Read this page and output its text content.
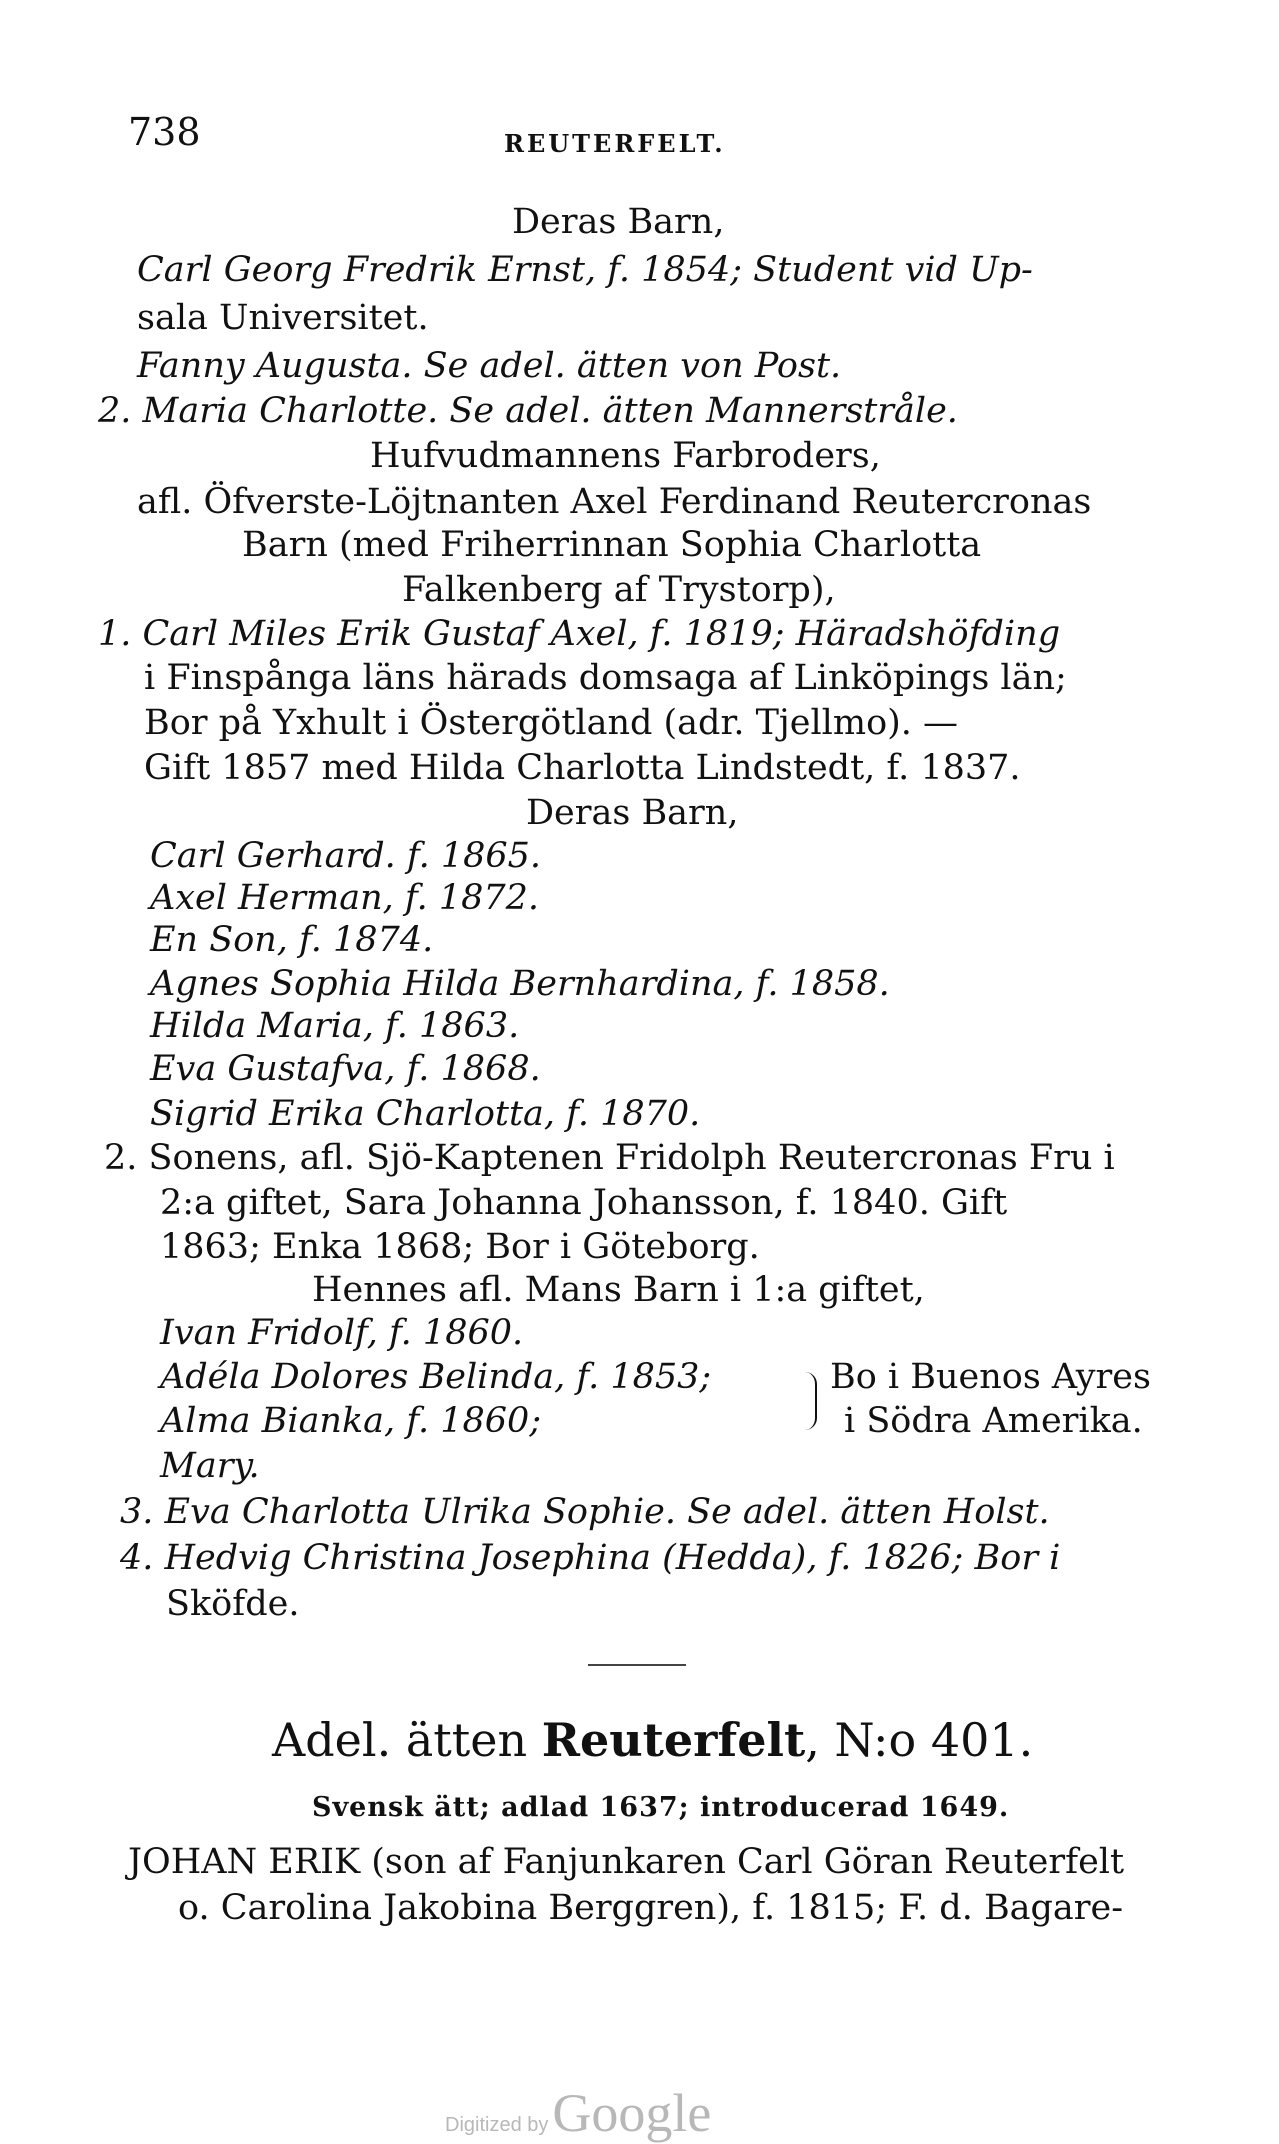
738	REUTERFELT.
Deras Barn,
Carl Georg Fredrik Ernst, f. 1854; Student vid Up-
sala Universitet.
Fanny Augusta. Se adel. ätten von Post.
2. Maria Charlotte. Se adel. ätten Mannerstråle.
Hufvudmannens Farbroders,
afl. Öfverste-Löjtnanten Axel Ferdinand Reutercronas
Barn (med Friherrinnan Sophia Charlotta
Falkenberg af Trystorp),
1. Carl Miles Erik Gustaf Axel, f. 1819; Häradshöfding
i Finspånga läns härads domsaga af Linköpings län;
Bor på Yxhult i Östergötland (adr. Tjellmo). —
Gift 1857 med Hilda Charlotta Lindstedt, f. 1837.
Deras Barn,
Carl Gerhard. f. 1865.
Axel Herman, f. 1872.
En Son, f. 1874.
Agnes Sophia Hilda Bernhardina, f. 1858.
Hilda Maria, f. 1863.
Eva Gustafva, f. 1868.
Sigrid Erika Charlotta, f. 1870.
2. Sonens, afl. Sjö-Kaptenen Fridolph Reutercronas Fru i
2:a giftet, Sara Johanna Johansson, f. 1840. Gift
1863; Enka 1868; Bor i Göteborg.
Hennes afl. Mans Barn i 1:a giftet,
Ivan Fridolf, f. 1860.
Adéla Dolores Belinda, f. 1853;	Bo i Buenos Ayres
Alma Bianka, f. 1860;	i Södra Amerika.
Mary.
3. Eva Charlotta Ulrika Sophie. Se adel. ätten Holst.
4. Hedvig Christina Josephina (Hedda), f. 1826; Bor i
Sköfde.
Adel. ätten Reuterfelt, N:o 401.
Svensk ätt; adlad 1637; introducerad 1649.
JOHAN ERIK (son af Fanjunkaren Carl Göran Reuterfelt
o. Carolina Jakobina Berggren), f. 1815; F. d. Bagare-
Digitized byGoogle
